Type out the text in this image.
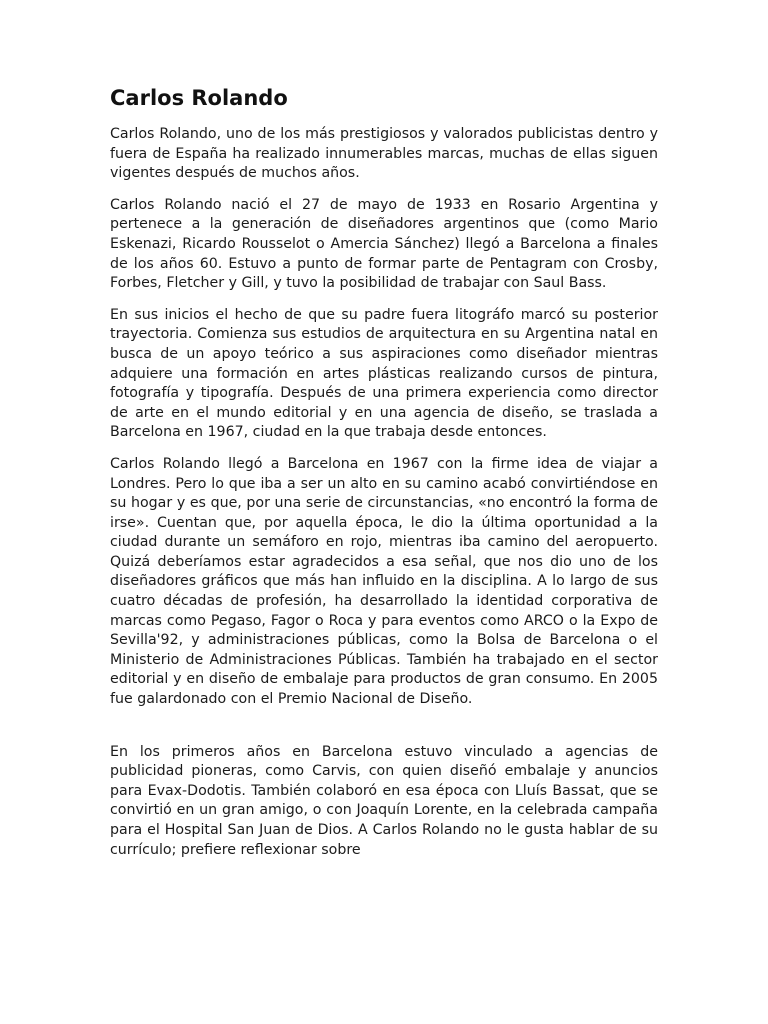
Carlos Rolando

Carlos Rolando, uno de los más prestigiosos y valorados publicistas dentro y fuera de España ha realizado innumerables marcas, muchas de ellas siguen vigentes después de muchos años.

Carlos Rolando nació el 27 de mayo de 1933 en Rosario Argentina y pertenece a la generación de diseñadores argentinos que (como Mario Eskenazi, Ricardo Rousselot o Amercia Sánchez) llegó a Barcelona a finales de los años 60. Estuvo a punto de formar parte de Pentagram con Crosby, Forbes, Fletcher y Gill, y tuvo la posibilidad de trabajar con Saul Bass.

En sus inicios el hecho de que su padre fuera litográfo marcó su posterior trayectoria. Comienza sus estudios de arquitectura en su Argentina natal en busca de un apoyo teórico a sus aspiraciones como diseñador mientras adquiere una formación en artes plásticas realizando cursos de pintura, fotografía y tipografía. Después de una primera experiencia como director de arte en el mundo editorial y en una agencia de diseño, se traslada a Barcelona en 1967, ciudad en la que trabaja desde entonces.

Carlos Rolando llegó a Barcelona en 1967 con la firme idea de viajar a Londres. Pero lo que iba a ser un alto en su camino acabó convirtiéndose en su hogar y es que, por una serie de circunstancias, «no encontró la forma de irse». Cuentan que, por aquella época, le dio la última oportunidad a la ciudad durante un semáforo en rojo, mientras iba camino del aeropuerto. Quizá deberíamos estar agradecidos a esa señal, que nos dio uno de los diseñadores gráficos que más han influido en la disciplina. A lo largo de sus cuatro décadas de profesión, ha desarrollado la identidad corporativa de marcas como Pegaso, Fagor o Roca y para eventos como ARCO o la Expo de Sevilla'92, y administraciones públicas, como la Bolsa de Barcelona o el Ministerio de Administraciones Públicas. También ha trabajado en el sector editorial y en diseño de embalaje para productos de gran consumo. En 2005 fue galardonado con el Premio Nacional de Diseño.

En los primeros años en Barcelona estuvo vinculado a agencias de publicidad pioneras, como Carvis, con quien diseñó embalaje y anuncios para Evax-Dodotis. También colaboró en esa época con Lluís Bassat, que se convirtió en un gran amigo, o con Joaquín Lorente, en la celebrada campaña para el Hospital San Juan de Dios. A Carlos Rolando no le gusta hablar de su currículo; prefiere reflexionar sobre
